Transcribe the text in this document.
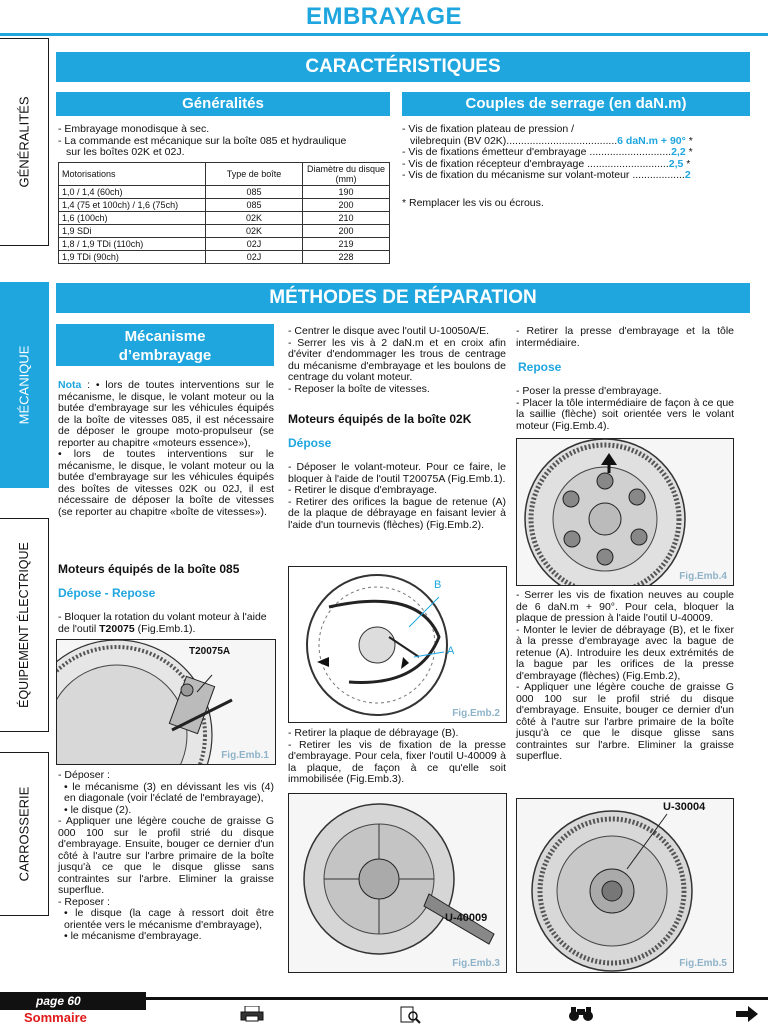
EMBRAYAGE
GÉNÉRALITÉS
MÉCANIQUE
ÉQUIPEMENT ÉLECTRIQUE
CARROSSERIE
CARACTÉRISTIQUES
Généralités

- Embrayage monodisque à sec.

- La commande est mécanique sur la boîte 085 et hydraulique

sur les boîtes 02K et 02J.

Motorisations	Type de boîte	Diamètre du disque (mm)
1,0 / 1,4 (60ch)	085	190
1,4 (75 et 100ch) / 1,6 (75ch)	085	200
1,6 (100ch)	02K	210
1,9 SDi	02K	200
1,8 / 1,9 TDi (110ch)	02J	219
1,9 TDi (90ch)	02J	228
Couples de serrage (en daN.m)

- Vis de fixation plateau de pression /

vilebrequin (BV 02K)......................................6 daN.m + 90° *

- Vis de fixations émetteur d'embrayage ............................2,2 *

- Vis de fixation récepteur d'embrayage ............................2,5 *

- Vis de fixation du mécanisme sur volant-moteur ..................2

* Remplacer les vis ou écrous.

MÉTHODES DE RÉPARATION
Mécanisme
d’embrayage

Nota : • lors de toutes interventions sur le mécanisme, le disque, le volant moteur ou la butée d'embrayage sur les véhicules équipés de la boîte de vitesses 085, il est nécessaire de déposer le groupe moto-propulseur (se reporter au chapitre «moteurs essence»),

• lors de toutes interventions sur le mécanisme, le disque, le volant moteur ou la butée d'embrayage sur les véhicules équipés des boîtes de vitesses 02K ou 02J, il est nécessaire de déposer la boîte de vitesses (se reporter au chapitre «boîte de vitesses»).

Moteurs équipés de la boîte 085
Dépose - Repose

- Bloquer la rotation du volant moteur à l'aide de l'outil T20075 (Fig.Emb.1).

T20075A
Fig.Emb.1

- Déposer :

• le mécanisme (3) en dévissant les vis (4) en diagonale (voir l'éclaté de l'embrayage),

• le disque (2).

- Appliquer une légère couche de graisse G 000 100 sur le profil strié du disque d'embrayage. Ensuite, bouger ce dernier d'un côté à l'autre sur l'arbre primaire de la boîte jusqu'à ce que le disque glisse sans contraintes sur l'arbre. Eliminer la graisse superflue.

- Reposer :

• le disque (la cage à ressort doit être orientée vers le mécanisme d'embrayage),

• le mécanisme d'embrayage.

- Centrer le disque avec l'outil U-10050A/E.

- Serrer les vis à 2 daN.m et en croix afin d'éviter d'endommager les trous de centrage du mécanisme d'embrayage et les boulons de centrage du volant moteur.

- Reposer la boîte de vitesses.

Moteurs équipés de la boîte 02K
Dépose

- Déposer le volant-moteur. Pour ce faire, le bloquer à l'aide de l'outil T20075A (Fig.Emb.1).

- Retirer le disque d'embrayage.

- Retirer des orifices la bague de retenue (A) de la plaque de débrayage en faisant levier à l'aide d'un tournevis (flèches) (Fig.Emb.2).

B
A
Fig.Emb.2

- Retirer la plaque de débrayage (B).

- Retirer les vis de fixation de la presse d'embrayage. Pour cela, fixer l'outil U-40009 à la plaque, de façon à ce qu'elle soit immobilisée (Fig.Emb.3).

U-40009
Fig.Emb.3

- Retirer la presse d'embrayage et la tôle intermédiaire.

Repose

- Poser la presse d'embrayage.

- Placer la tôle intermédiaire de façon à ce que la saillie (flèche) soit orientée vers le volant moteur (Fig.Emb.4).

Fig.Emb.4

- Serrer les vis de fixation neuves au couple de 6 daN.m + 90°. Pour cela, bloquer la plaque de pression à l'aide l'outil U-40009.

- Monter le levier de débrayage (B), et le fixer à la presse d'embrayage avec la bague de retenue (A). Introduire les deux extrémités de la bague par les orifices de la presse d'embrayage (flèches) (Fig.Emb.2),

- Appliquer une légère couche de graisse G 000 100 sur le profil strié du disque d'embrayage. Ensuite, bouger ce dernier d'un côté à l'autre sur l'arbre primaire de la boîte jusqu'à ce que le disque glisse sans contraintes sur l'arbre. Eliminer la graisse superflue.

U-30004
Fig.Emb.5
page 60
Sommaire
